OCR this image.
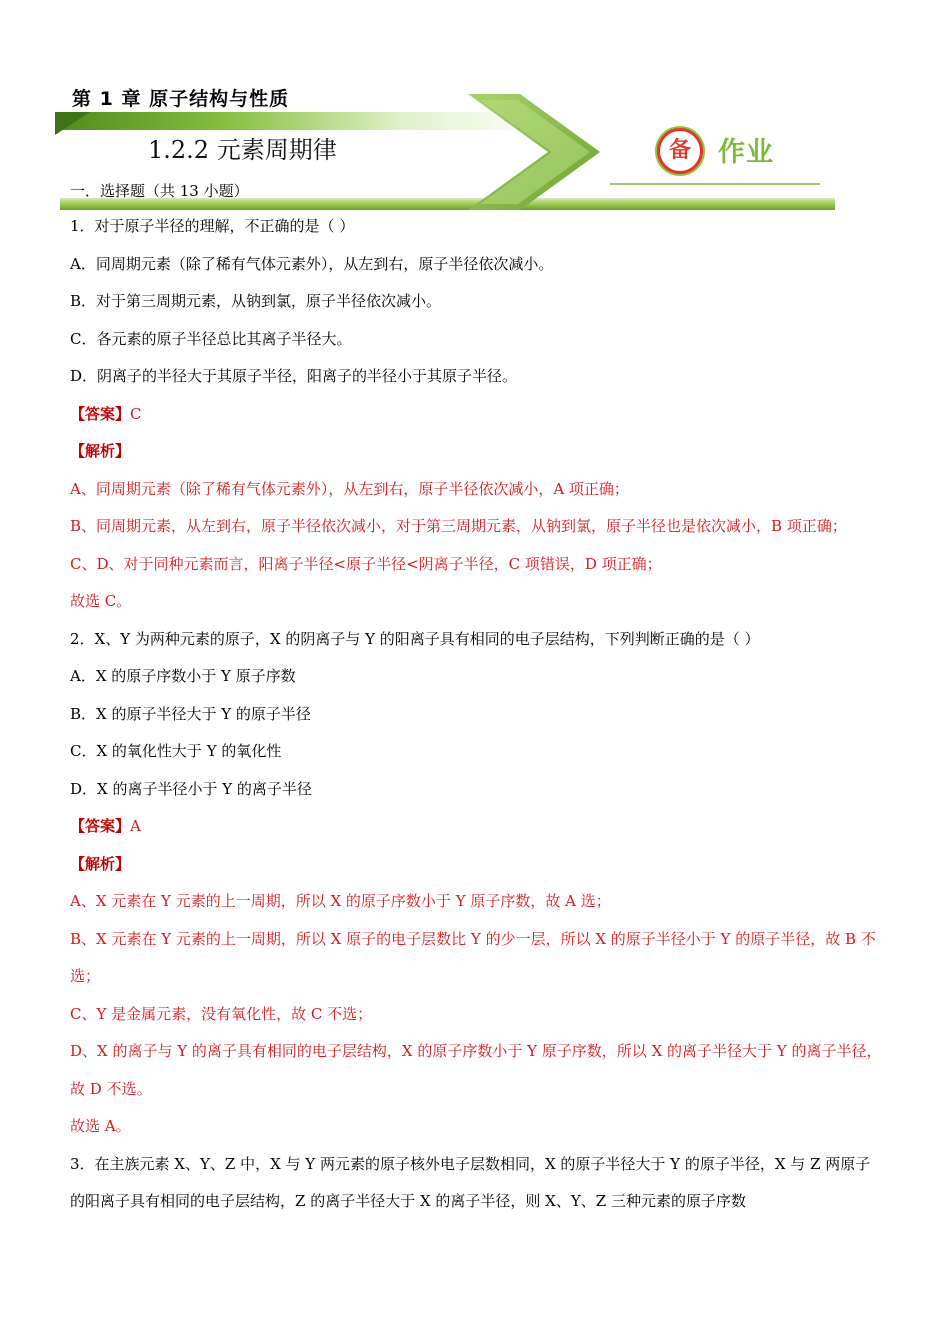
第 1 章 原子结构与性质
1.2.2 元素周期律	备	作业
一．选择题（共 13 小题）
1．对于原子半径的理解，不正确的是（ ）
A．同周期元素（除了稀有气体元素外），从左到右，原子半径依次减小。
B．对于第三周期元素，从钠到氯，原子半径依次减小。
C．各元素的原子半径总比其离子半径大。
D．阴离子的半径大于其原子半径，阳离子的半径小于其原子半径。
【答案】C
【解析】
A、同周期元素（除了稀有气体元素外），从左到右，原子半径依次减小，A 项正确；
B、同周期元素，从左到右，原子半径依次减小，对于第三周期元素，从钠到氯，原子半径也是依次减小，B 项正确；
C、D、对于同种元素而言，阳离子半径<原子半径<阴离子半径，C 项错误，D 项正确；
故选 C。
2．X、Y 为两种元素的原子，X 的阴离子与 Y 的阳离子具有相同的电子层结构，下列判断正确的是（ ）
A．X 的原子序数小于 Y 原子序数
B．X 的原子半径大于 Y 的原子半径
C．X 的氧化性大于 Y 的氧化性
D．X 的离子半径小于 Y 的离子半径
【答案】A
【解析】
A、X 元素在 Y 元素的上一周期，所以 X 的原子序数小于 Y 原子序数，故 A 选；
B、X 元素在 Y 元素的上一周期，所以 X 原子的电子层数比 Y 的少一层，所以 X 的原子半径小于 Y 的原子半径，故 B 不选；
C、Y 是金属元素，没有氧化性，故 C 不选；
D、X 的离子与 Y 的离子具有相同的电子层结构，X 的原子序数小于 Y 原子序数，所以 X 的离子半径大于 Y 的离子半径，故 D 不选。
故选 A。
3．在主族元素 X、Y、Z 中，X 与 Y 两元素的原子核外电子层数相同，X 的原子半径大于 Y 的原子半径，X 与 Z 两原子的阳离子具有相同的电子层结构，Z 的离子半径大于 X 的离子半径，则 X、Y、Z 三种元素的原子序数
